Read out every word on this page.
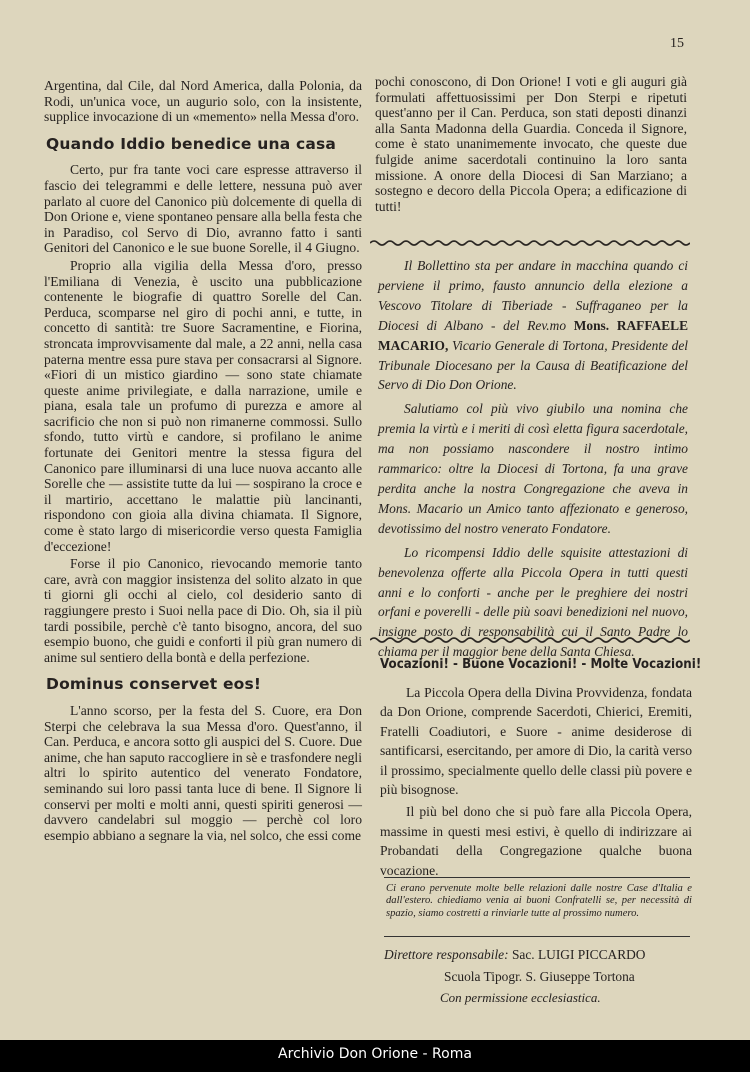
15

Argentina, dal Cile, dal Nord America, dalla Polonia, da Rodi, un'unica voce, un augurio solo, con la insistente, supplice invocazione di un «memento» nella Messa d'oro.

Quando Iddio benedice una casa

Certo, pur fra tante voci care espresse attraverso il fascio dei telegrammi e delle lettere, nessuna può aver parlato al cuore del Canonico più dolcemente di quella di Don Orione e, viene spontaneo pensare alla bella festa che in Paradiso, col Servo di Dio, avranno fatto i santi Genitori del Canonico e le sue buone Sorelle, il 4 Giugno.

Proprio alla vigilia della Messa d'oro, presso l'Emiliana di Venezia, è uscito una pubblicazione contenente le biografie di quattro Sorelle del Can. Perduca, scomparse nel giro di pochi anni, e tutte, in concetto di santità: tre Suore Sacramentine, e Fiorina, stroncata improvvisamente dal male, a 22 anni, nella casa paterna mentre essa pure stava per consacrarsi al Signore. «Fiori di un mistico giardino — sono state chiamate queste anime privilegiate, e dalla narrazione, umile e piana, esala tale un profumo di purezza e amore al sacrificio che non si può non rimanerne commossi. Sullo sfondo, tutto virtù e candore, si profilano le anime fortunate dei Genitori mentre la stessa figura del Canonico pare illuminarsi di una luce nuova accanto alle Sorelle che — assistite tutte da lui — sospirano la croce e il martirio, accettano le malattie più lancinanti, rispondono con gioia alla divina chiamata. Il Signore, come è stato largo di misericordie verso questa Famiglia d'eccezione!

Forse il pio Canonico, rievocando memorie tanto care, avrà con maggior insistenza del solito alzato in que ti giorni gli occhi al cielo, col desiderio santo di raggiungere presto i Suoi nella pace di Dio. Oh, sia il più tardi possibile, perchè c'è tanto bisogno, ancora, del suo esempio buono, che guidi e conforti il più gran numero di anime sul sentiero della bontà e della perfezione.

Dominus conservet eos!

L'anno scorso, per la festa del S. Cuore, era Don Sterpi che celebrava la sua Messa d'oro. Quest'anno, il Can. Perduca, e ancora sotto gli auspici del S. Cuore. Due anime, che han saputo raccogliere in sè e trasfondere negli altri lo spirito autentico del venerato Fondatore, seminando sui loro passi tanta luce di bene. Il Signore li conservi per molti e molti anni, questi spiriti generosi — davvero candelabri sul moggio — perchè col loro esempio abbiano a segnare la via, nel solco, che essi come

pochi conoscono, di Don Orione! I voti e gli auguri già formulati affettuosissimi per Don Sterpi e ripetuti quest'anno per il Can. Perduca, son stati deposti dinanzi alla Santa Madonna della Guardia. Conceda il Signore, come è stato unanimemente invocato, che queste due fulgide anime sacerdotali continuino la loro santa missione. A onore della Diocesi di San Marziano; a sostegno e decoro della Piccola Opera; a edificazione di tutti!

Il Bollettino sta per andare in macchina quando ci perviene il primo, fausto annuncio della elezione a Vescovo Titolare di Tiberiade - Suffraganeo per la Diocesi di Albano - del Rev.mo Mons. RAFFAELE MACARIO, Vicario Generale di Tortona, Presidente del Tribunale Diocesano per la Causa di Beatificazione del Servo di Dio Don Orione.

Salutiamo col più vivo giubilo una nomina che premia la virtù e i meriti di così eletta figura sacerdotale, ma non possiamo nascondere il nostro intimo rammarico: oltre la Diocesi di Tortona, fa una grave perdita anche la nostra Congregazione che aveva in Mons. Macario un Amico tanto affezionato e generoso, devotissimo del nostro venerato Fondatore.

Lo ricompensi Iddio delle squisite attestazioni di benevolenza offerte alla Piccola Opera in tutti questi anni e lo conforti - anche per le preghiere dei nostri orfani e poverelli - delle più soavi benedizioni nel nuovo, insigne posto di responsabilità cui il Santo Padre lo chiama per il maggior bene della Santa Chiesa.

Vocazioni! - Buone Vocazioni! - Molte Vocazioni!

La Piccola Opera della Divina Provvidenza, fondata da Don Orione, comprende Sacerdoti, Chierici, Eremiti, Fratelli Coadiutori, e Suore - anime desiderose di santificarsi, esercitando, per amore di Dio, la carità verso il prossimo, specialmente quello delle classi più povere e più bisognose.

Il più bel dono che si può fare alla Piccola Opera, massime in questi mesi estivi, è quello di indirizzare ai Probandati della Congregazione qualche buona vocazione.

Ci erano pervenute molte belle relazioni dalle nostre Case d'Italia e dall'estero. chiediamo venia ai buoni Confratelli se, per necessità di spazio, siamo costretti a rinviarle tutte al prossimo numero.
Direttore responsabile: Sac. LUIGI PICCARDO
Scuola Tipogr. S. Giuseppe Tortona
Con permissione ecclesiastica.
Archivio Don Orione - Roma
